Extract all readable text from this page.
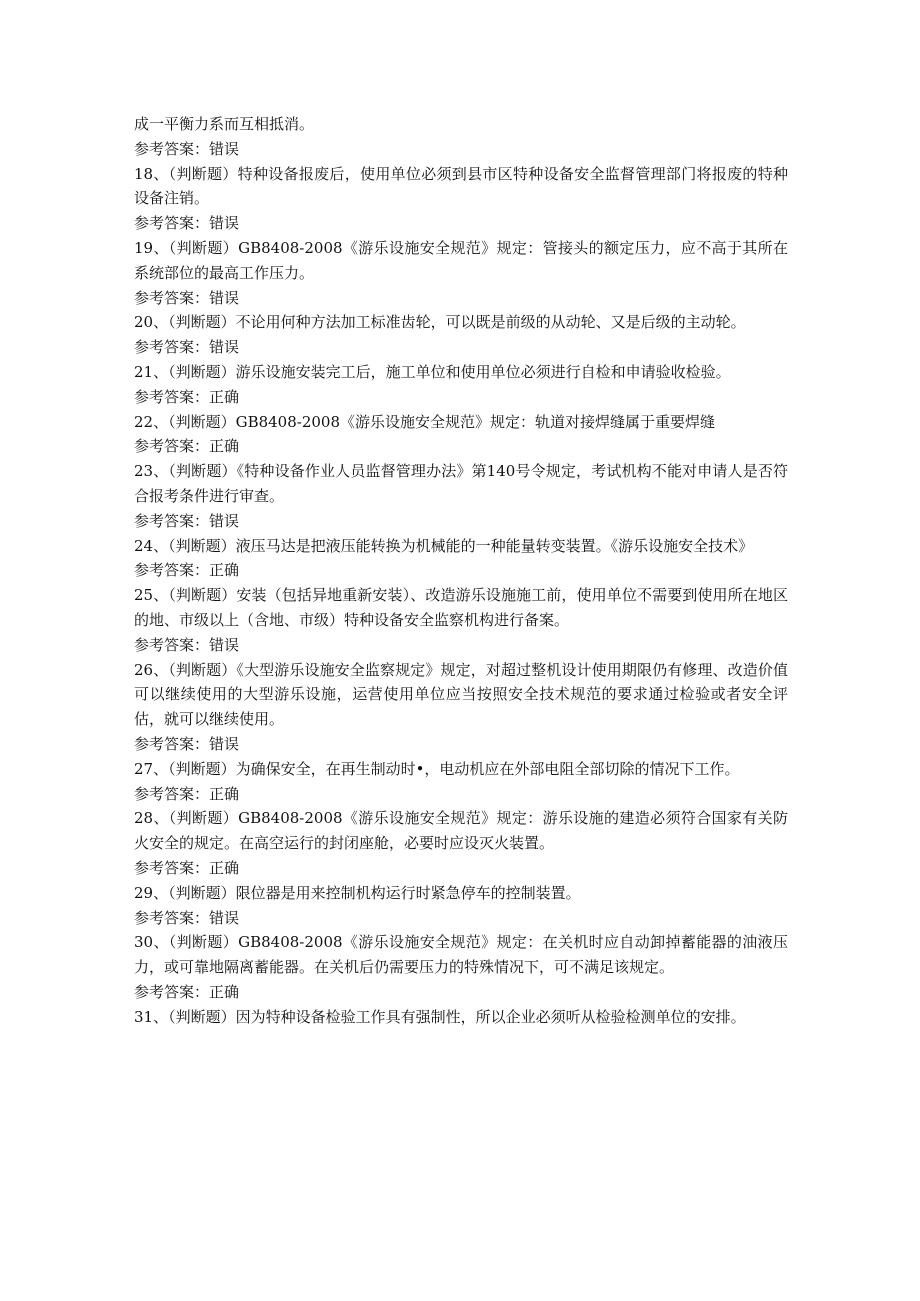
成一平衡力系而互相抵消。
参考答案：错误
18、（判断题）特种设备报废后，使用单位必须到县市区特种设备安全监督管理部门将报废的特种设备注销。
参考答案：错误
19、（判断题）GB8408-2008《游乐设施安全规范》规定：管接头的额定压力，应不高于其所在系统部位的最高工作压力。
参考答案：错误
20、（判断题）不论用何种方法加工标准齿轮，可以既是前级的从动轮、又是后级的主动轮。
参考答案：错误
21、（判断题）游乐设施安装完工后，施工单位和使用单位必须进行自检和申请验收检验。
参考答案：正确
22、（判断题）GB8408-2008《游乐设施安全规范》规定：轨道对接焊缝属于重要焊缝
参考答案：正确
23、（判断题）《特种设备作业人员监督管理办法》第140号令规定，考试机构不能对申请人是否符合报考条件进行审查。
参考答案：错误
24、（判断题）液压马达是把液压能转换为机械能的一种能量转变装置。《游乐设施安全技术》
参考答案：正确
25、（判断题）安装（包括异地重新安装）、改造游乐设施施工前，使用单位不需要到使用所在地区的地、市级以上（含地、市级）特种设备安全监察机构进行备案。
参考答案：错误
26、（判断题）《大型游乐设施安全监察规定》规定，对超过整机设计使用期限仍有修理、改造价值可以继续使用的大型游乐设施，运营使用单位应当按照安全技术规范的要求通过检验或者安全评估，就可以继续使用。
参考答案：错误
27、（判断题）为确保安全，在再生制动时•，电动机应在外部电阻全部切除的情况下工作。
参考答案：正确
28、（判断题）GB8408-2008《游乐设施安全规范》规定：游乐设施的建造必须符合国家有关防火安全的规定。在高空运行的封闭座舱，必要时应设灭火装置。
参考答案：正确
29、（判断题）限位器是用来控制机构运行时紧急停车的控制装置。
参考答案：错误
30、（判断题）GB8408-2008《游乐设施安全规范》规定：在关机时应自动卸掉蓄能器的油液压力，或可靠地隔离蓄能器。在关机后仍需要压力的特殊情况下，可不满足该规定。
参考答案：正确
31、（判断题）因为特种设备检验工作具有强制性，所以企业必须听从检验检测单位的安排。
